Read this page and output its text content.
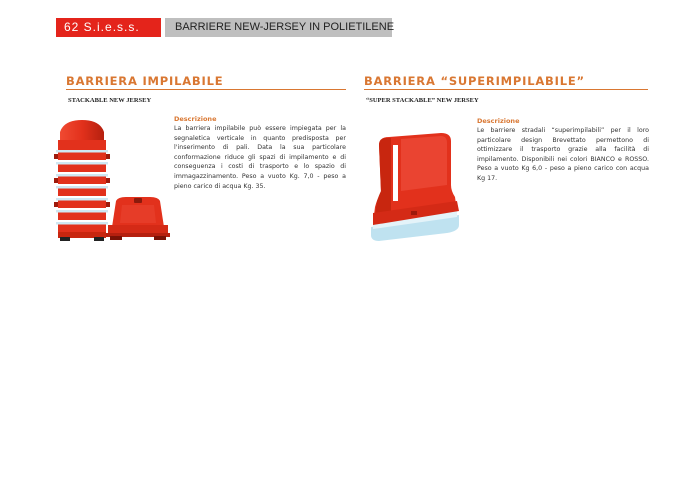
62 S.i.e.s.s. S.r.l.
BARRIERE NEW-JERSEY IN POLIETILENE
BARRIERA IMPILABILE
STACKABLE NEW JERSEY
Descrizione
La barriera impilabile può essere impiegata per la segnaletica verticale in quanto predisposta per l'inserimento di pali. Data la sua particolare conformazione riduce gli spazi di impilamento e di conseguenza i costi di trasporto e lo spazio di immagazzinamento. Peso a vuoto Kg. 7,0 - peso a pieno carico di acqua Kg. 35.
BARRIERA “SUPERIMPILABILE”
“SUPER STACKABLE” NEW JERSEY
Descrizione
Le barriere stradali “superimpilabili” per il loro particolare design Brevettato permettono di ottimizzare il trasporto grazie alla facilità di impilamento. Disponibili nei colori BIANCO e ROSSO. Peso a vuoto Kg 6,0 - peso a pieno carico con acqua Kg 17.
